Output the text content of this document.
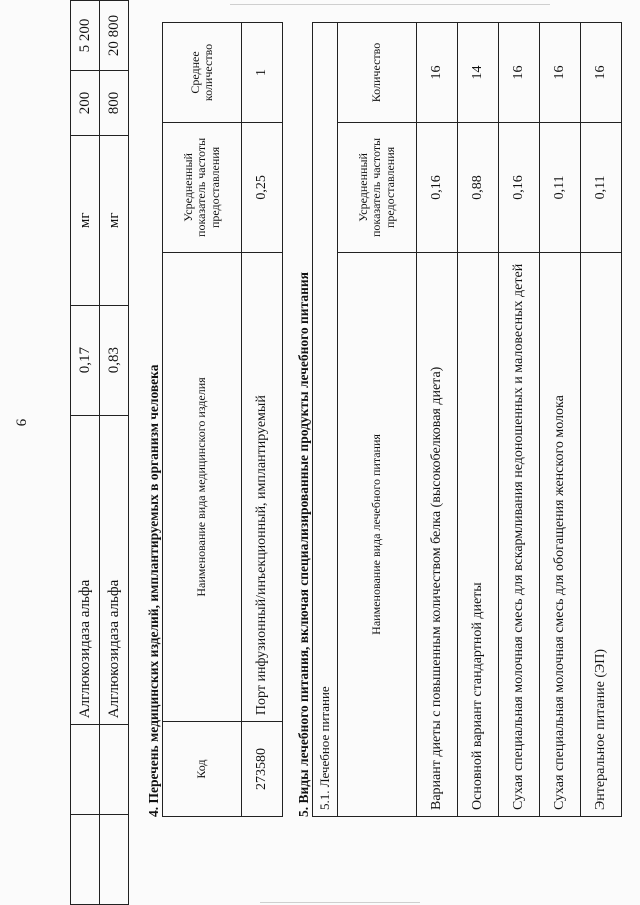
9
		Алглюкозидаза альфа	0,17	мг	200	5 200
		Алглюкозидаза альфа	0,83	мг	800	20 800
4. Перечень медицинских изделий, имплантируемых в организм человека	Код	Наименование вида медицинского изделия	Усредненный показатель частоты предоставления	Среднее количество
273580	Порт инфузионный/инъекционный, имплантируемый	0,25	1
5. Виды лечебного питания, включая специализированные продукты лечебного питания 5.1. Лечебное питание		
Наименование вида лечебного питания	Усредненный показатель частоты предоставления	Количество
Вариант диеты с повышенным количеством белка (высокобелковая диета)	0,16	16
Основной вариант стандартной диеты	0,88	14
Сухая специальная молочная смесь для вскармливания недоношенных и маловесных детей	0,16	16
Сухая специальная молочная смесь для обогащения женского молока	0,11	16
Энтеральное питание (ЭП)	0,11	16
